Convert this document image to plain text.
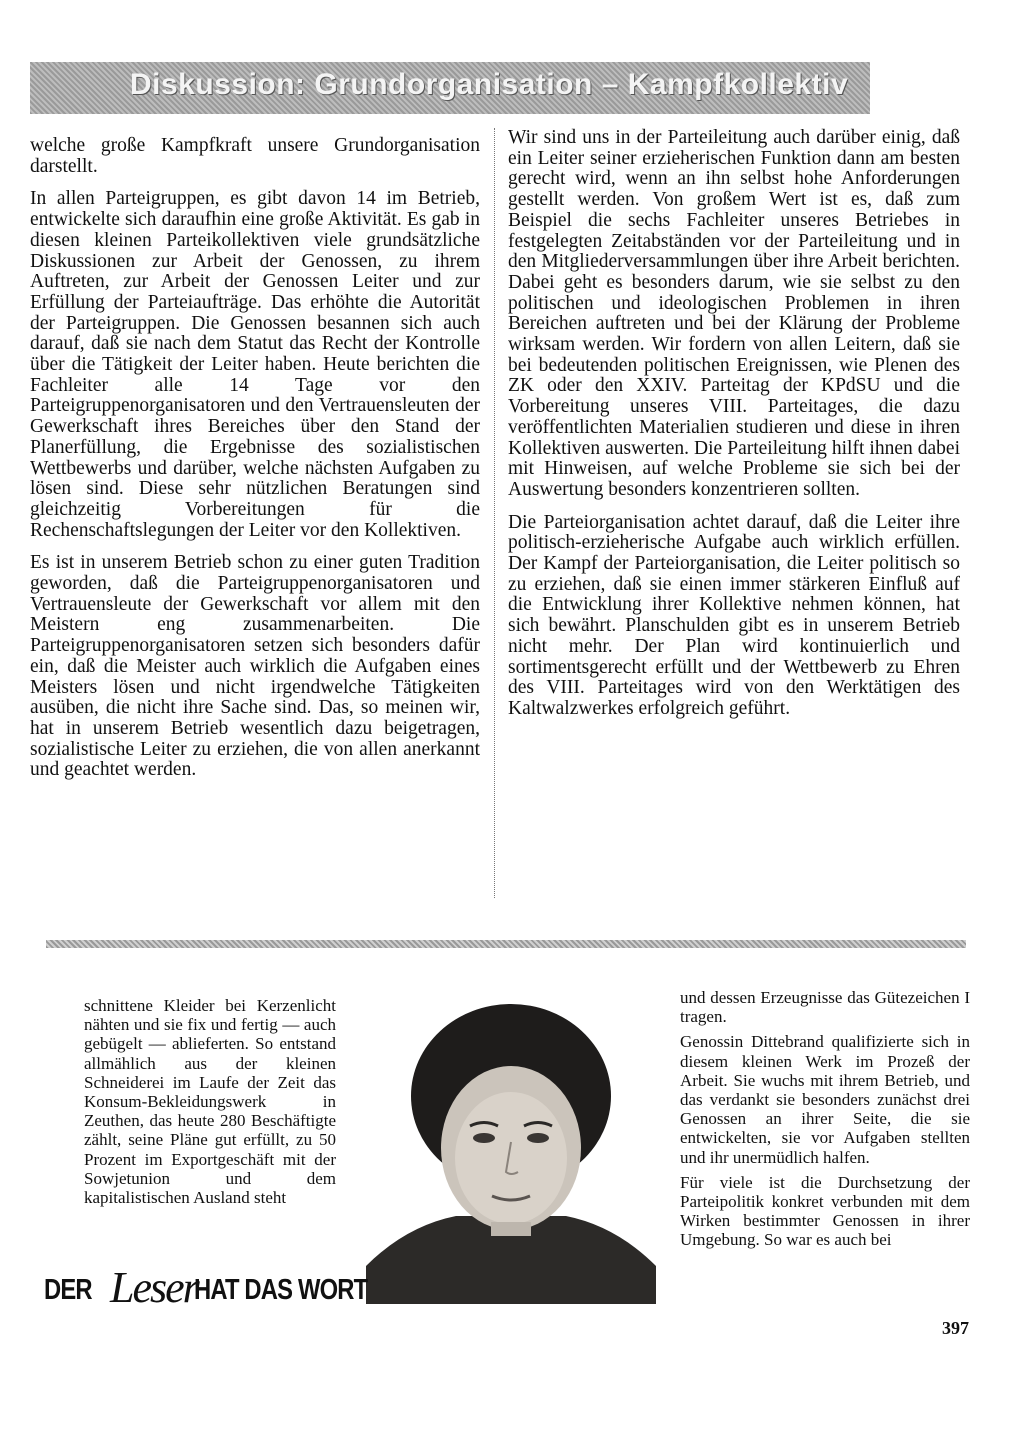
Diskussion: Grundorganisation – Kampfkollektiv

welche große Kampfkraft unsere Grundorganisation darstellt.

In allen Parteigruppen, es gibt davon 14 im Betrieb, entwickelte sich daraufhin eine große Aktivität. Es gab in diesen kleinen Parteikollektiven viele grundsätzliche Diskussionen zur Arbeit der Genossen, zu ihrem Auftreten, zur Arbeit der Genossen Leiter und zur Erfüllung der Parteiaufträge. Das erhöhte die Autorität der Parteigruppen. Die Genossen besannen sich auch darauf, daß sie nach dem Statut das Recht der Kontrolle über die Tätigkeit der Leiter haben. Heute berichten die Fachleiter alle 14 Tage vor den Parteigruppenorganisatoren und den Vertrauensleuten der Gewerkschaft ihres Bereiches über den Stand der Planerfüllung, die Ergebnisse des sozialistischen Wettbewerbs und darüber, welche nächsten Aufgaben zu lösen sind. Diese sehr nützlichen Beratungen sind gleichzeitig Vorbereitungen für die Rechenschaftslegungen der Leiter vor den Kollektiven.

Es ist in unserem Betrieb schon zu einer guten Tradition geworden, daß die Parteigruppenorganisatoren und Vertrauensleute der Gewerkschaft vor allem mit den Meistern eng zusammenarbeiten. Die Parteigruppenorganisatoren setzen sich besonders dafür ein, daß die Meister auch wirklich die Aufgaben eines Meisters lösen und nicht irgendwelche Tätigkeiten ausüben, die nicht ihre Sache sind. Das, so meinen wir, hat in unserem Betrieb wesentlich dazu beigetragen, sozialistische Leiter zu erziehen, die von allen anerkannt und geachtet werden.

Wir sind uns in der Parteileitung auch darüber einig, daß ein Leiter seiner erzieherischen Funktion dann am besten gerecht wird, wenn an ihn selbst hohe Anforderungen gestellt werden. Von großem Wert ist es, daß zum Beispiel die sechs Fachleiter unseres Betriebes in festgelegten Zeitabständen vor der Parteileitung und in den Mitgliederversammlungen über ihre Arbeit berichten. Dabei geht es besonders darum, wie sie selbst zu den politischen und ideologischen Problemen in ihren Bereichen auftreten und bei der Klärung der Probleme wirksam werden. Wir fordern von allen Leitern, daß sie bei bedeutenden politischen Ereignissen, wie Plenen des ZK oder den XXIV. Parteitag der KPdSU und die Vorbereitung unseres VIII. Parteitages, die dazu veröffentlichten Materialien studieren und diese in ihren Kollektiven auswerten. Die Parteileitung hilft ihnen dabei mit Hinweisen, auf welche Probleme sie sich bei der Auswertung besonders konzentrieren sollten.

Die Parteiorganisation achtet darauf, daß die Leiter ihre politisch-erzieherische Aufgabe auch wirklich erfüllen. Der Kampf der Parteiorganisation, die Leiter politisch so zu erziehen, daß sie einen immer stärkeren Einfluß auf die Entwicklung ihrer Kollektive nehmen können, hat sich bewährt. Planschulden gibt es in unserem Betrieb nicht mehr. Der Plan wird kontinuierlich und sortimentsgerecht erfüllt und der Wettbewerb zu Ehren des VIII. Parteitages wird von den Werktätigen des Kaltwalzwerkes erfolgreich geführt.

schnittene Kleider bei Kerzenlicht nähten und sie fix und fertig — auch gebügelt — ablieferten. So entstand allmählich aus der kleinen Schneiderei im Laufe der Zeit das Konsum-Bekleidungswerk in Zeuthen, das heute 280 Beschäftigte zählt, seine Pläne gut erfüllt, zu 50 Prozent im Exportgeschäft mit der Sowjetunion und dem kapitalistischen Ausland steht

und dessen Erzeugnisse das Gütezeichen I tragen.

Genossin Dittebrand qualifizierte sich in diesem kleinen Werk im Prozeß der Arbeit. Sie wuchs mit ihrem Betrieb, und das verdankt sie besonders zunächst drei Genossen an ihrer Seite, die sie entwickelten, sie vor Aufgaben stellten und ihr unermüdlich halfen.

Für viele ist die Durchsetzung der Parteipolitik konkret verbunden mit dem Wirken bestimmter Genossen in ihrer Umgebung. So war es auch bei

DER Leser
HAT DAS WORT
397
